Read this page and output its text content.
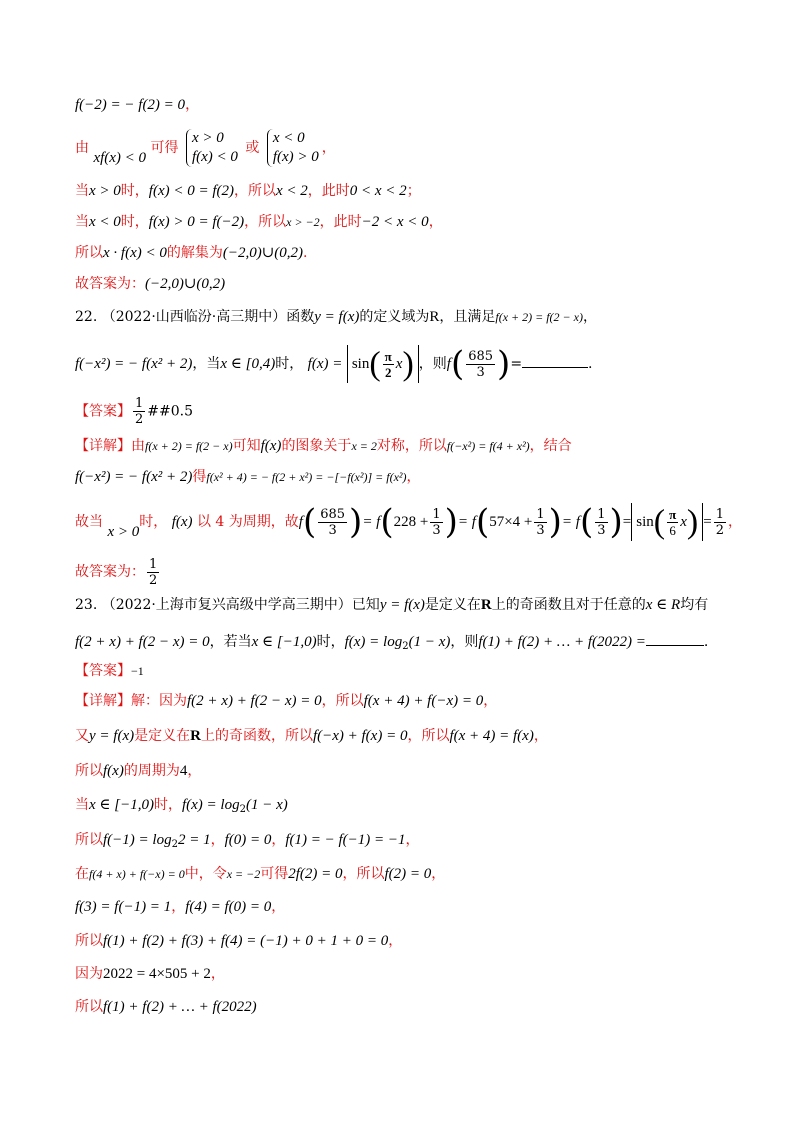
f(−2) = − f(2) = 0，
由 xf(x) < 0 可得
x > 0
f(x) < 0
或
x < 0
f(x) > 0
，
当x > 0时，f(x) < 0 = f(2)，所以x < 2，此时0 < x < 2；
当x < 0时，f(x) > 0 = f(−2)，所以x > −2，此时−2 < x < 0，
所以x · f(x) < 0的解集为(−2,0)∪(0,2).
故答案为：(−2,0)∪(0,2)
22. （2022·山西临汾·高三期中）函数y = f(x)的定义域为R，且满足f(x + 2) = f(2 − x)，
f(−x²) = − f(x² + 2)，当x ∈ [0,4)时， $f(x) = \sin( \frac{\pi}{2} x)$ ，则$f( \frac{685}{3}$ )=	.
【答案】 $\frac{1}{2}$ ##0.5
【详解】由f(x + 2) = f(2 − x)可知f(x)的图象关于x = 2对称，所以f(−x²) = f(4 + x²)，结合
f(−x²) = − f(x² + 2)得f(x² + 4) = − f(2 + x²) = −[−f(x²)] = f(x²)，
故当 x > 0时， f(x) 以 4 为周期，故$f( \frac{685}{3}$ )= $f(228 + \frac{1}{3}$ )= $f(57\times 4 + \frac{1}{3}$ )= $f( \frac{1}{3}$ )= $\sin( \frac{\pi}{6} x) = \frac{1}{2}$ ，
故答案为： $\frac{1}{2}$
23. （2022·上海市复兴高级中学高三期中）已知y = f(x)是定义在R上的奇函数且对于任意的x ∈ R均有
f(2 + x) + f(2 − x) = 0，若当x ∈ [−1,0)时，$f(x) = \log_2(1 - x)$，则f(1) + f(2) + … + f(2022) =	.
【答案】−1
【详解】解：因为f(2 + x) + f(2 − x) = 0，所以f(x + 4) + f(−x) = 0，
又y = f(x)是定义在R上的奇函数，所以f(−x) + f(x) = 0，所以f(x + 4) = f(x)，
所以f(x)的周期为4，
当x ∈ [−1,0)时，$f(x) = \log_2(1 - x)$
所以$f(-1) = \log_22 = 1$，f(0) = 0，f(1) = − f(−1) = −1，
在f(4 + x) + f(−x) = 0中，令x = −2可得2f(2) = 0，所以f(2) = 0，
f(3) = f(−1) = 1，f(4) = f(0) = 0，
所以f(1) + f(2) + f(3) + f(4) = (−1) + 0 + 1 + 0 = 0，
因为2022 = 4×505 + 2，
所以f(1) + f(2) + … + f(2022)
